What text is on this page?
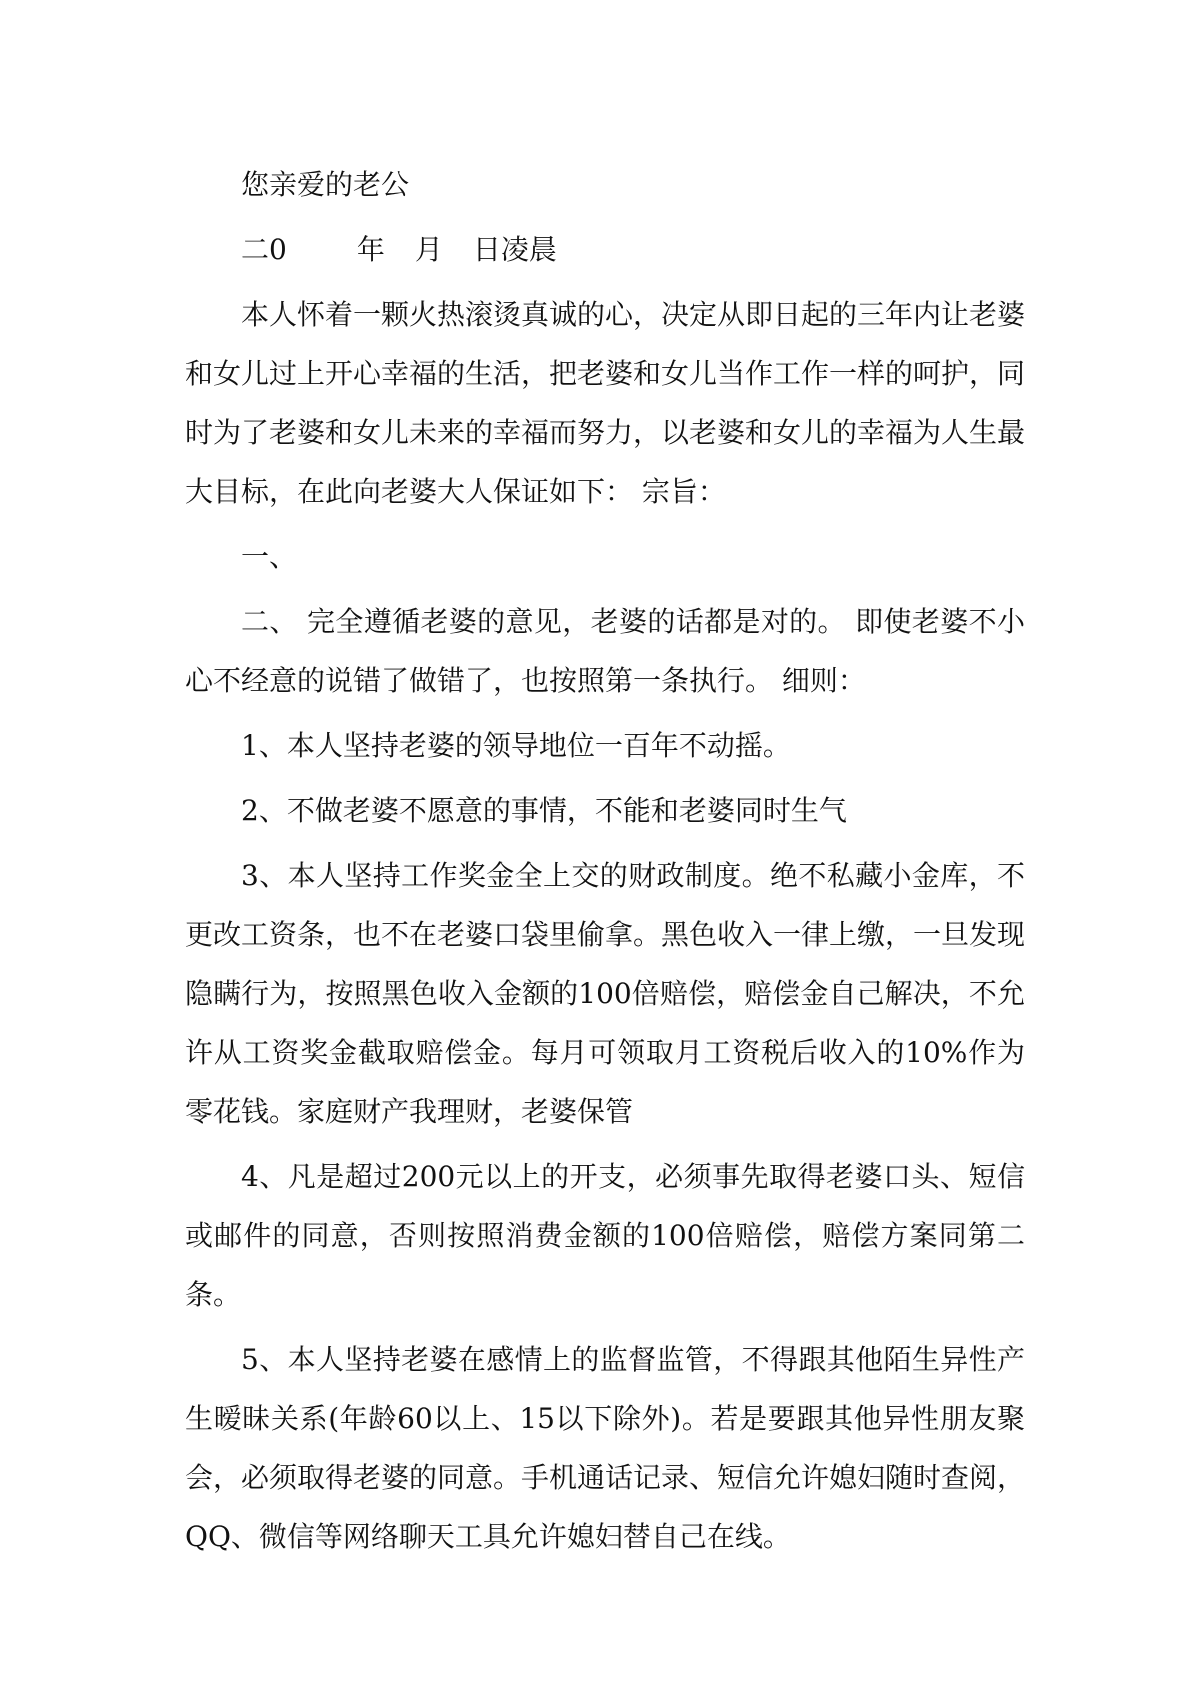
您亲爱的老公

二0	年 月 日凌晨

本人怀着一颗火热滚烫真诚的心，决定从即日起的三年内让老婆和女儿过上开心幸福的生活，把老婆和女儿当作工作一样的呵护，同时为了老婆和女儿未来的幸福而努力，以老婆和女儿的幸福为人生最大目标，在此向老婆大人保证如下： 宗旨：

一、

二、 完全遵循老婆的意见，老婆的话都是对的。 即使老婆不小心不经意的说错了做错了，也按照第一条执行。 细则：

1、本人坚持老婆的领导地位一百年不动摇。

2、不做老婆不愿意的事情，不能和老婆同时生气

3、本人坚持工作奖金全上交的财政制度。绝不私藏小金库，不更改工资条，也不在老婆口袋里偷拿。黑色收入一律上缴，一旦发现隐瞒行为，按照黑色收入金额的100倍赔偿，赔偿金自己解决，不允许从工资奖金截取赔偿金。每月可领取月工资税后收入的10%作为零花钱。家庭财产我理财，老婆保管

4、凡是超过200元以上的开支，必须事先取得老婆口头、短信或邮件的同意，否则按照消费金额的100倍赔偿，赔偿方案同第二条。

5、本人坚持老婆在感情上的监督监管，不得跟其他陌生异性产生暧昧关系(年龄60以上、15以下除外)。若是要跟其他异性朋友聚会，必须取得老婆的同意。手机通话记录、短信允许媳妇随时查阅，QQ、微信等网络聊天工具允许媳妇替自己在线。
